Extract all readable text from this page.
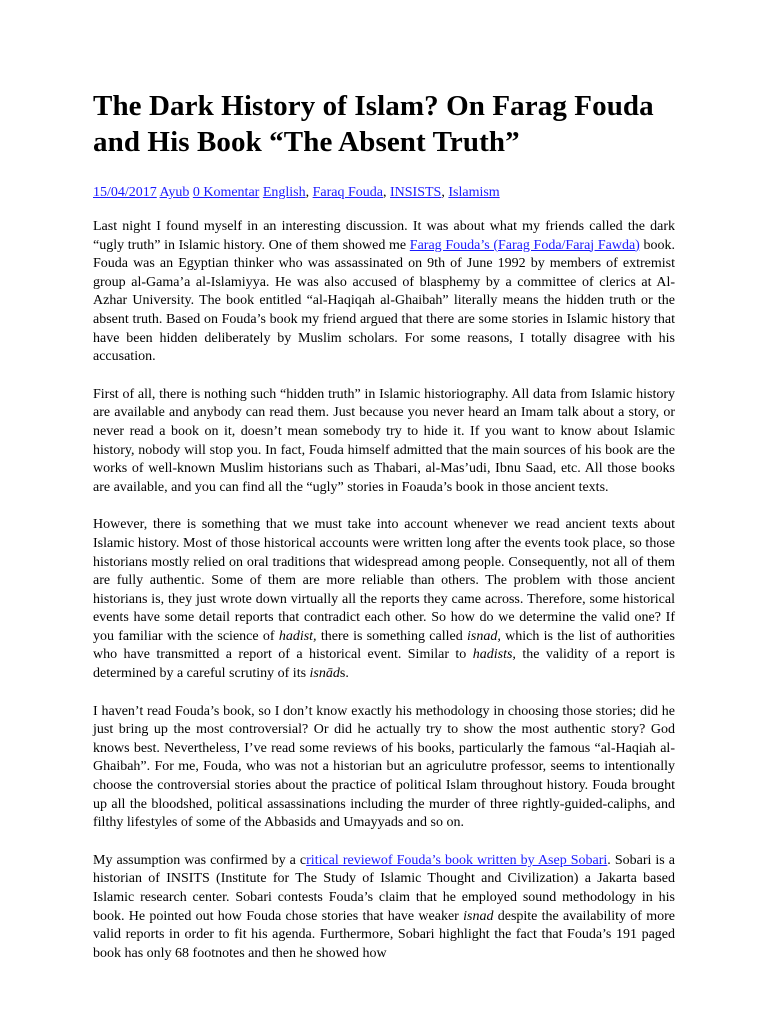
The Dark History of Islam? On Farag Fouda and His Book “The Absent Truth”
15/04/2017 Ayub 0 Komentar English, Faraq Fouda, INSISTS, Islamism

Last night I found myself in an interesting discussion. It was about what my friends called the dark “ugly truth” in Islamic history. One of them showed me Farag Fouda’s (Farag Foda/Faraj Fawda) book. Fouda was an Egyptian thinker who was assassinated on 9th of June 1992 by members of extremist group al-Gama’a al-Islamiyya. He was also accused of blasphemy by a committee of clerics at Al-Azhar University. The book entitled “al-Haqiqah al-Ghaibah” literally means the hidden truth or the absent truth. Based on Fouda’s book my friend argued that there are some stories in Islamic history that have been hidden deliberately by Muslim scholars. For some reasons, I totally disagree with his accusation.

First of all, there is nothing such “hidden truth” in Islamic historiography. All data from Islamic history are available and anybody can read them. Just because you never heard an Imam talk about a story, or never read a book on it, doesn’t mean somebody try to hide it. If you want to know about Islamic history, nobody will stop you. In fact, Fouda himself admitted that the main sources of his book are the works of well-known Muslim historians such as Thabari, al-Mas’udi, Ibnu Saad, etc. All those books are available, and you can find all the “ugly” stories in Foauda’s book in those ancient texts.

However, there is something that we must take into account whenever we read ancient texts about Islamic history. Most of those historical accounts were written long after the events took place, so those historians mostly relied on oral traditions that widespread among people. Consequently, not all of them are fully authentic. Some of them are more reliable than others. The problem with those ancient historians is, they just wrote down virtually all the reports they came across. Therefore, some historical events have some detail reports that contradict each other. So how do we determine the valid one? If you familiar with the science of hadist, there is something called isnad, which is the list of authorities who have transmitted a report of a historical event. Similar to hadists, the validity of a report is determined by a careful scrutiny of its isnāds.

I haven’t read Fouda’s book, so I don’t know exactly his methodology in choosing those stories; did he just bring up the most controversial? Or did he actually try to show the most authentic story? God knows best. Nevertheless, I’ve read some reviews of his books, particularly the famous “al-Haqiah al-Ghaibah”. For me, Fouda, who was not a historian but an agriculutre professor, seems to intentionally choose the controversial stories about the practice of political Islam throughout history. Fouda brought up all the bloodshed, political assassinations including the murder of three rightly-guided-caliphs, and filthy lifestyles of some of the Abbasids and Umayyads and so on.

My assumption was confirmed by a critical reviewof Fouda’s book written by Asep Sobari. Sobari is a historian of INSITS (Institute for The Study of Islamic Thought and Civilization) a Jakarta based Islamic research center. Sobari contests Fouda’s claim that he employed sound methodology in his book. He pointed out how Fouda chose stories that have weaker isnad despite the availability of more valid reports in order to fit his agenda. Furthermore, Sobari highlight the fact that Fouda’s 191 paged book has only 68 footnotes and then he showed how
